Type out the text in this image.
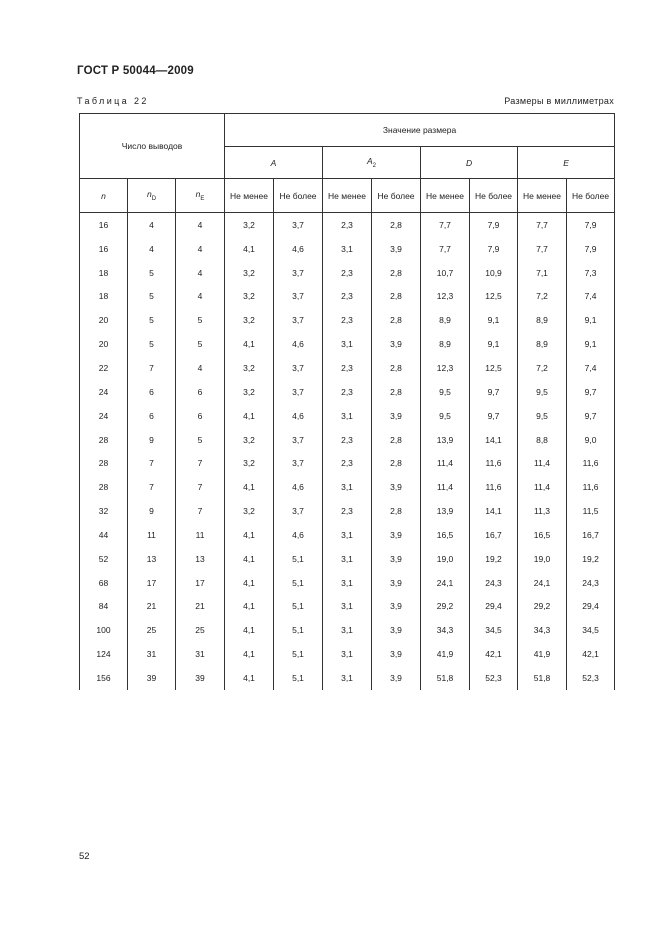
ГОСТ Р 50044—2009
Таблица 22	Размеры в миллиметрах
Число выводов			Значение размера							
			A		$A_2$		D		E	
n	$n_D$	$n_E$	Не менее	Не более	Не менее	Не более	Не менее	Не более	Не менее	Не более
16	4	4	3,2	3,7	2,3	2,8	7,7	7,9	7,7	7,9
16	4	4	4,1	4,6	3,1	3,9	7,7	7,9	7,7	7,9
18	5	4	3,2	3,7	2,3	2,8	10,7	10,9	7,1	7,3
18	5	4	3,2	3,7	2,3	2,8	12,3	12,5	7,2	7,4
20	5	5	3,2	3,7	2,3	2,8	8,9	9,1	8,9	9,1
20	5	5	4,1	4,6	3,1	3,9	8,9	9,1	8,9	9,1
22	7	4	3,2	3,7	2,3	2,8	12,3	12,5	7,2	7,4
24	6	6	3,2	3,7	2,3	2,8	9,5	9,7	9,5	9,7
24	6	6	4,1	4,6	3,1	3,9	9,5	9,7	9,5	9,7
28	9	5	3,2	3,7	2,3	2,8	13,9	14,1	8,8	9,0
28	7	7	3,2	3,7	2,3	2,8	11,4	11,6	11,4	11,6
28	7	7	4,1	4,6	3,1	3,9	11,4	11,6	11,4	11,6
32	9	7	3,2	3,7	2,3	2,8	13,9	14,1	11,3	11,5
44	11	11	4,1	4,6	3,1	3,9	16,5	16,7	16,5	16,7
52	13	13	4,1	5,1	3,1	3,9	19,0	19,2	19,0	19,2
68	17	17	4,1	5,1	3,1	3,9	24,1	24,3	24,1	24,3
84	21	21	4,1	5,1	3,1	3,9	29,2	29,4	29,2	29,4
100	25	25	4,1	5,1	3,1	3,9	34,3	34,5	34,3	34,5
124	31	31	4,1	5,1	3,1	3,9	41,9	42,1	41,9	42,1
156	39	39	4,1	5,1	3,1	3,9	51,8	52,3	51,8	52,3
52
